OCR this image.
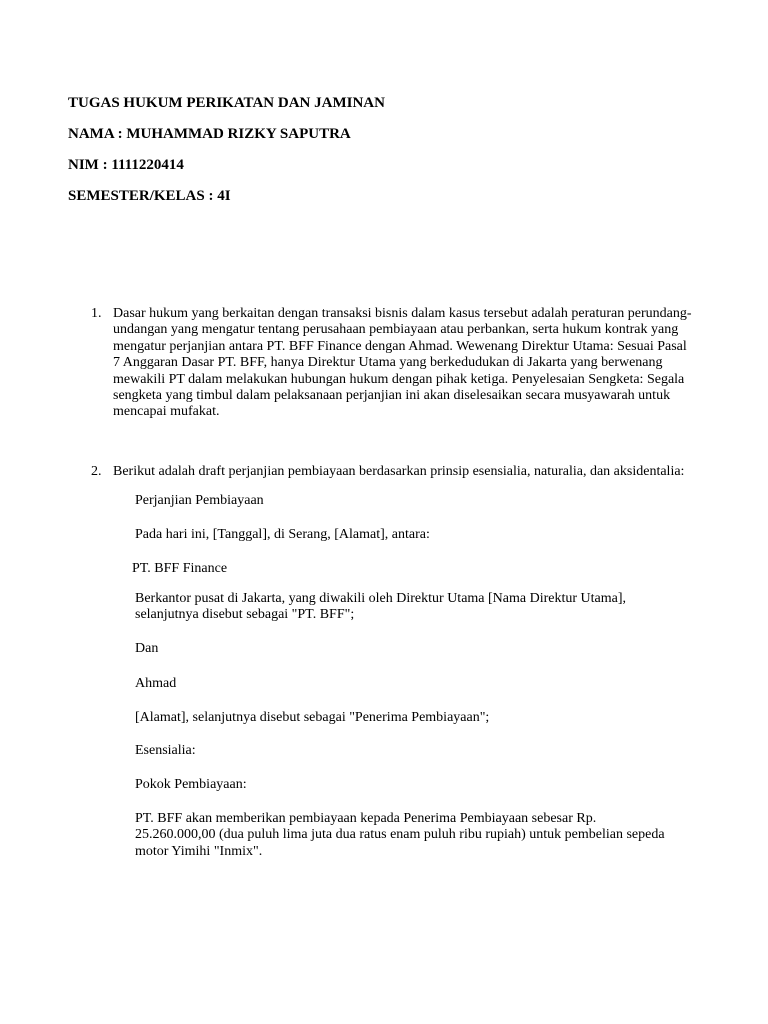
TUGAS HUKUM PERIKATAN DAN JAMINAN
NAMA : MUHAMMAD RIZKY SAPUTRA
NIM : 1111220414
SEMESTER/KELAS : 4I
1. Dasar hukum yang berkaitan dengan transaksi bisnis dalam kasus tersebut adalah peraturan perundang-undangan yang mengatur tentang perusahaan pembiayaan atau perbankan, serta hukum kontrak yang mengatur perjanjian antara PT. BFF Finance dengan Ahmad. Wewenang Direktur Utama: Sesuai Pasal 7 Anggaran Dasar PT. BFF, hanya Direktur Utama yang berkedudukan di Jakarta yang berwenang mewakili PT dalam melakukan hubungan hukum dengan pihak ketiga. Penyelesaian Sengketa: Segala sengketa yang timbul dalam pelaksanaan perjanjian ini akan diselesaikan secara musyawarah untuk mencapai mufakat.
2. Berikut adalah draft perjanjian pembiayaan berdasarkan prinsip esensialia, naturalia, dan aksidentalia:

Perjanjian Pembiayaan

Pada hari ini, [Tanggal], di Serang, [Alamat], antara:

PT. BFF Finance

Berkantor pusat di Jakarta, yang diwakili oleh Direktur Utama [Nama Direktur Utama], selanjutnya disebut sebagai "PT. BFF";

Dan

Ahmad

[Alamat], selanjutnya disebut sebagai "Penerima Pembiayaan";

Esensialia:

Pokok Pembiayaan:

PT. BFF akan memberikan pembiayaan kepada Penerima Pembiayaan sebesar Rp. 25.260.000,00 (dua puluh lima juta dua ratus enam puluh ribu rupiah) untuk pembelian sepeda motor Yimihi "Inmix".
